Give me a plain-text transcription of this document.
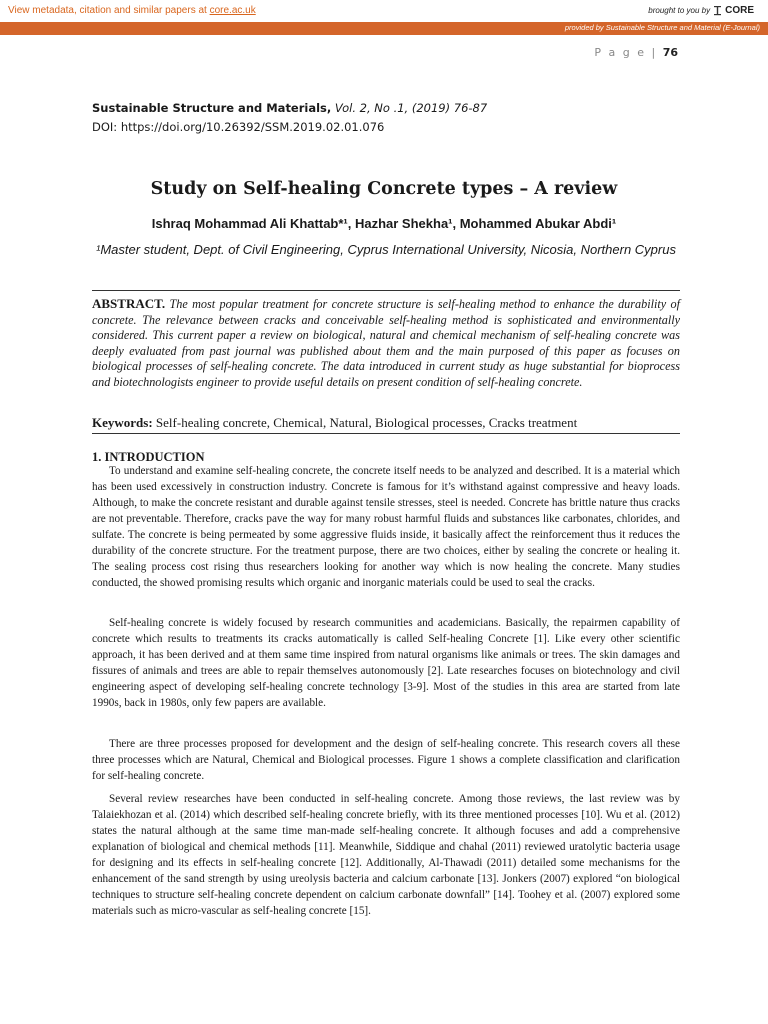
View metadata, citation and similar papers at core.ac.uk	brought to you by CORE
provided by Sustainable Structure and Material (E-Journal)
P a g e | 76
Sustainable Structure and Materials, Vol. 2, No .1, (2019) 76-87
DOI: https://doi.org/10.26392/SSM.2019.02.01.076
Study on Self-healing Concrete types – A review
Ishraq Mohammad Ali Khattab*¹, Hazhar Shekha¹, Mohammed Abukar Abdi¹
¹Master student, Dept. of Civil Engineering, Cyprus International University, Nicosia, Northern Cyprus
ABSTRACT. The most popular treatment for concrete structure is self-healing method to enhance the durability of concrete. The relevance between cracks and conceivable self-healing method is sophisticated and environmentally considered. This current paper a review on biological, natural and chemical mechanism of self-healing concrete was deeply evaluated from past journal was published about them and the main purposed of this paper as focuses on biological processes of self-healing concrete. The data introduced in current study as huge substantial for bioprocess and biotechnologists engineer to provide useful details on present condition of self-healing concrete.
Keywords: Self-healing concrete, Chemical, Natural, Biological processes, Cracks treatment
1. INTRODUCTION

To understand and examine self-healing concrete, the concrete itself needs to be analyzed and described. It is a material which has been used excessively in construction industry. Concrete is famous for it’s withstand against compressive and heavy loads. Although, to make the concrete resistant and durable against tensile stresses, steel is needed. Concrete has brittle nature thus cracks are not preventable. Therefore, cracks pave the way for many robust harmful fluids and substances like carbonates, chlorides, and sulfate. The concrete is being permeated by some aggressive fluids inside, it basically affect the reinforcement thus it reduces the durability of the concrete structure. For the treatment purpose, there are two choices, either by sealing the concrete or healing it. The sealing process cost rising thus researchers looking for another way which is now healing the concrete. Many studies conducted, the showed promising results which organic and inorganic materials could be used to seal the cracks.

Self-healing concrete is widely focused by research communities and academicians. Basically, the repairmen capability of concrete which results to treatments its cracks automatically is called Self-healing Concrete [1]. Like every other scientific approach, it has been derived and at them same time inspired from natural organisms like animals or trees. The skin damages and fissures of animals and trees are able to repair themselves autonomously [2]. Late researches focuses on biotechnology and civil engineering aspect of developing self-healing concrete technology [3-9]. Most of the studies in this area are started from late 1990s, back in 1980s, only few papers are available.

There are three processes proposed for development and the design of self-healing concrete. This research covers all these three processes which are Natural, Chemical and Biological processes. Figure 1 shows a complete classification and clarification for self-healing concrete.

Several review researches have been conducted in self-healing concrete. Among those reviews, the last review was by Talaiekhozan et al. (2014) which described self-healing concrete briefly, with its three mentioned processes [10]. Wu et al. (2012) states the natural although at the same time man-made self-healing concrete. It although focuses and add a comprehensive explanation of biological and chemical methods [11]. Meanwhile, Siddique and chahal (2011) reviewed uratolytic bacteria usage for designing and its effects in self-healing concrete [12]. Additionally, Al-Thawadi (2011) detailed some mechanisms for the enhancement of the sand strength by using ureolysis bacteria and calcium carbonate [13]. Jonkers (2007) explored “on biological techniques to structure self-healing concrete dependent on calcium carbonate downfall” [14]. Toohey et al. (2007) explored some materials such as micro-vascular as self-healing concrete [15].
